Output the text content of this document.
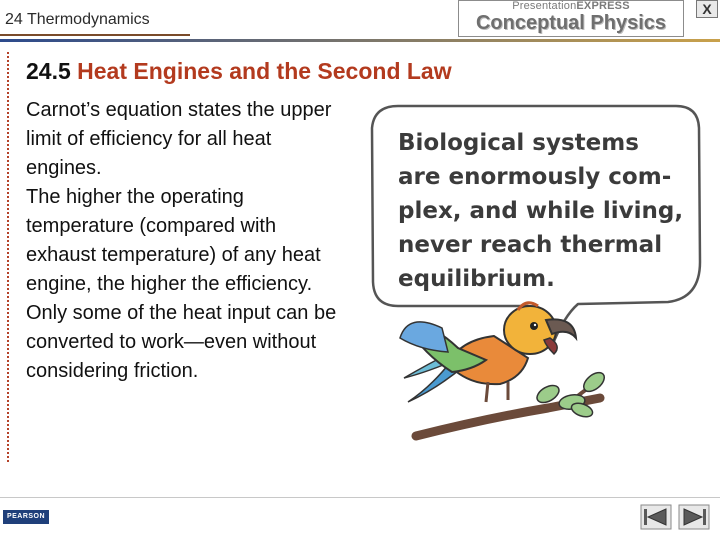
24 Thermodynamics
PresentationEXPRESS
Conceptual Physics
X
24.5 Heat Engines and the Second Law

Carnot’s equation states the upper limit of efficiency for all heat engines.

The higher the operating temperature (compared with exhaust temperature) of any heat engine, the higher the efficiency.

Only some of the heat input can be converted to work—even without considering friction.

Biological systems
are enormously com-
plex, and while living,
never reach thermal
equilibrium.
PEARSON
